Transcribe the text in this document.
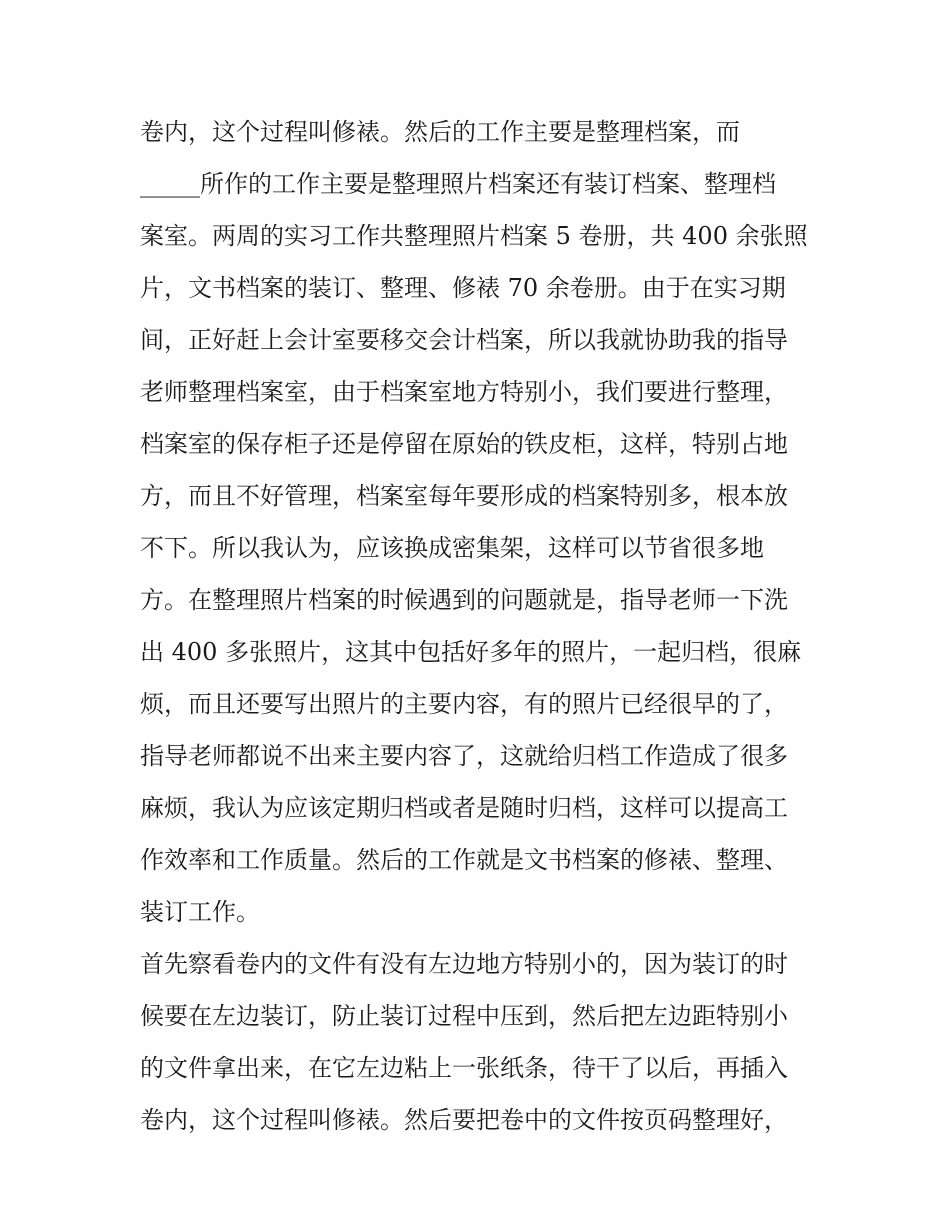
卷内，这个过程叫修裱。然后的工作主要是整理档案，而
_____所作的工作主要是整理照片档案还有装订档案、整理档
案室。两周的实习工作共整理照片档案 5 卷册，共 400 余张照
片，文书档案的装订、整理、修裱 70 余卷册。由于在实习期
间，正好赶上会计室要移交会计档案，所以我就协助我的指导
老师整理档案室，由于档案室地方特别小，我们要进行整理，
档案室的保存柜子还是停留在原始的铁皮柜，这样，特别占地
方，而且不好管理，档案室每年要形成的档案特别多，根本放
不下。所以我认为，应该换成密集架，这样可以节省很多地
方。在整理照片档案的时候遇到的问题就是，指导老师一下洗
出 400 多张照片，这其中包括好多年的照片，一起归档，很麻
烦，而且还要写出照片的主要内容，有的照片已经很早的了，
指导老师都说不出来主要内容了，这就给归档工作造成了很多
麻烦，我认为应该定期归档或者是随时归档，这样可以提高工
作效率和工作质量。然后的工作就是文书档案的修裱、整理、
装订工作。
首先察看卷内的文件有没有左边地方特别小的，因为装订的时
候要在左边装订，防止装订过程中压到，然后把左边距特别小
的文件拿出来，在它左边粘上一张纸条，待干了以后，再插入
卷内，这个过程叫修裱。然后要把卷中的文件按页码整理好，
